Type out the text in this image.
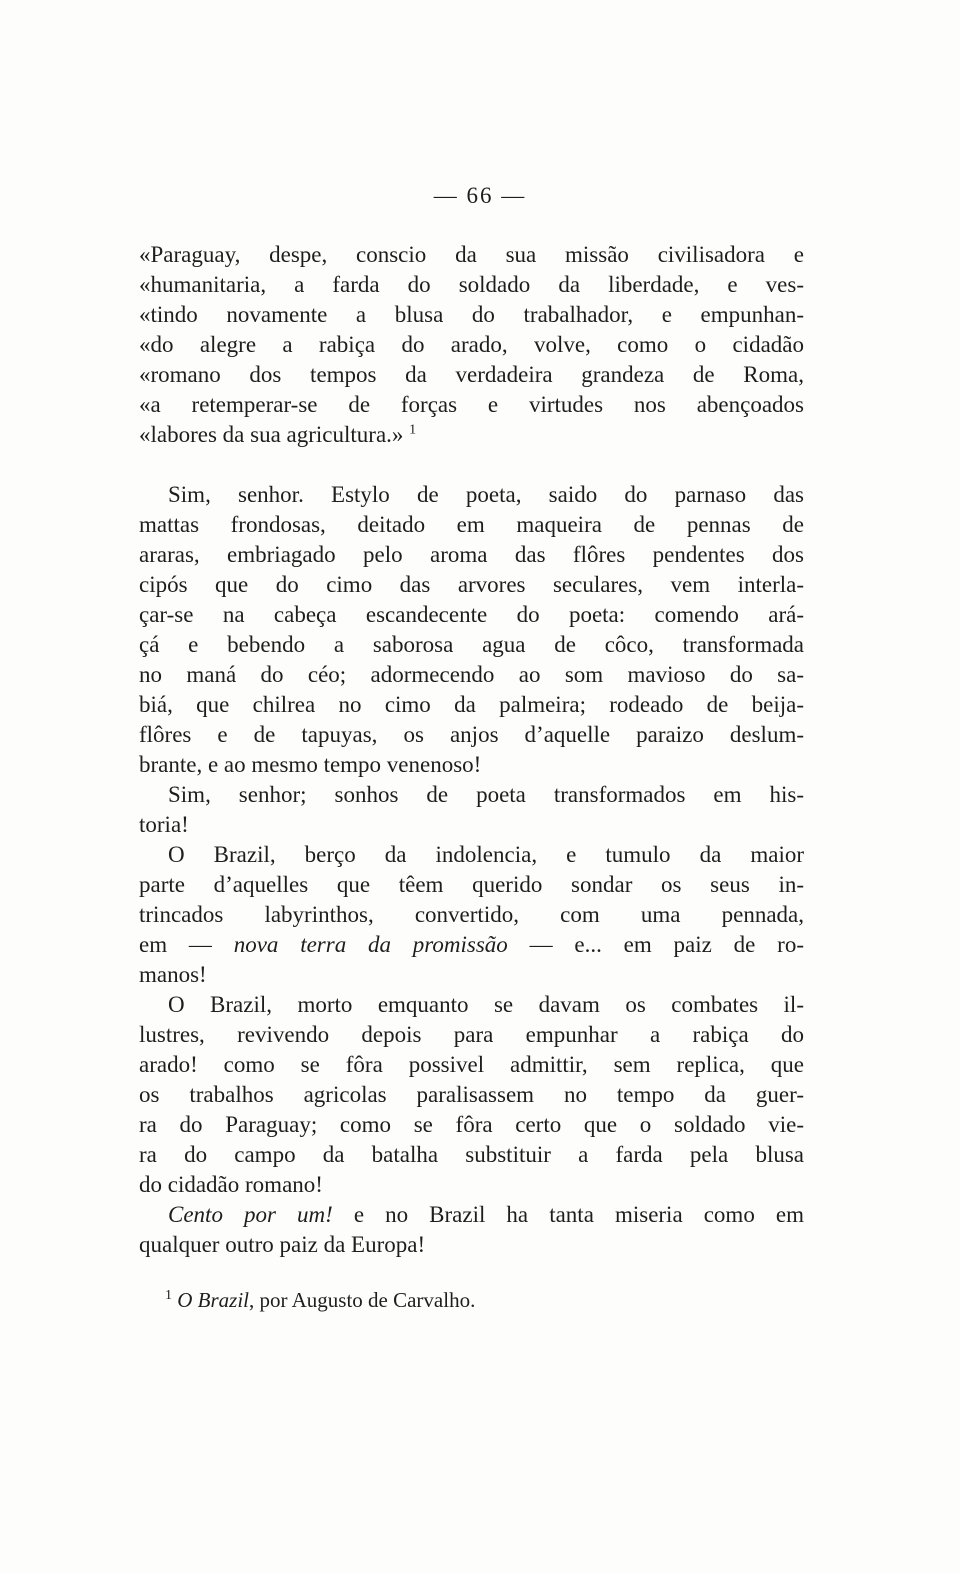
— 66 —

«Paraguay, despe, conscio da sua missão civilisadora e
«humanitaria, a farda do soldado da liberdade, e ves-
«tindo novamente a blusa do trabalhador, e empunhan-
«do alegre a rabiça do arado, volve, como o cidadão
«romano dos tempos da verdadeira grandeza de Roma,
«a retemperar-se de forças e virtudes nos abençoados
«labores da sua agricultura.» $^1$

Sim, senhor. Estylo de poeta, saido do parnaso das
mattas frondosas, deitado em maqueira de pennas de
araras, embriagado pelo aroma das flôres pendentes dos
cipós que do cimo das arvores seculares, vem interla-
çar-se na cabeça escandecente do poeta: comendo ará-
çá e bebendo a saborosa agua de côco, transformada
no maná do céo; adormecendo ao som mavioso do sa-
biá, que chilrea no cimo da palmeira; rodeado de beija-
flôres e de tapuyas, os anjos d’aquelle paraizo deslum-
brante, e ao mesmo tempo venenoso!

Sim, senhor; sonhos de poeta transformados em his-
toria!

O Brazil, berço da indolencia, e tumulo da maior
parte d’aquelles que têem querido sondar os seus in-
trincados labyrinthos, convertido, com uma pennada,
em — nova terra da promissão — e... em paiz de ro-
manos!

O Brazil, morto emquanto se davam os combates il-
lustres, revivendo depois para empunhar a rabiça do
arado! como se fôra possivel admittir, sem replica, que
os trabalhos agricolas paralisassem no tempo da guer-
ra do Paraguay; como se fôra certo que o soldado vie-
ra do campo da batalha substituir a farda pela blusa
do cidadão romano!

Cento por um! e no Brazil ha tanta miseria como em
qualquer outro paiz da Europa!

$^1$ O Brazil, por Augusto de Carvalho.
